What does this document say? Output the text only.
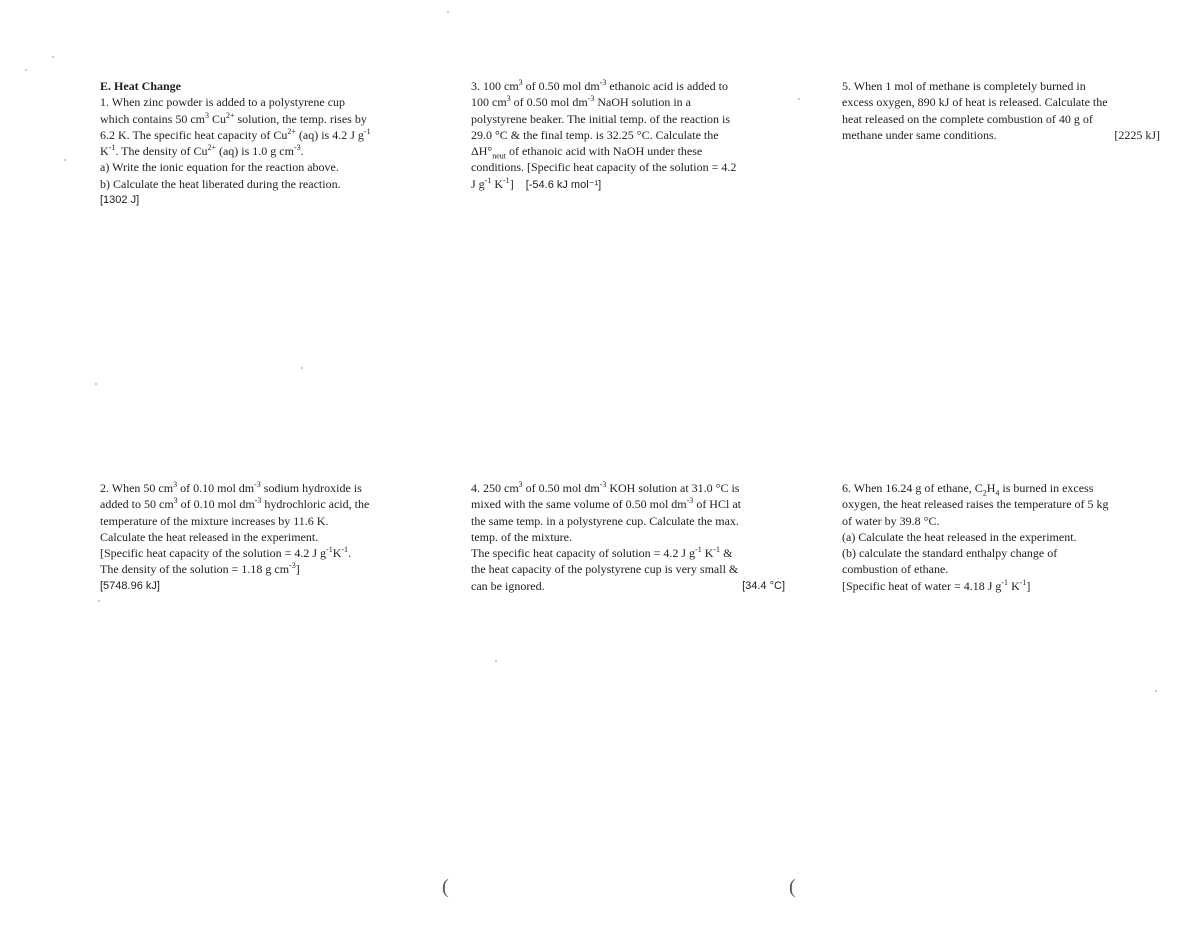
E. Heat Change
1. When zinc powder is added to a polystyrene cup
which contains 50 $cm^3$ $Cu^{2+}$ solution, the temp. rises by
6.2 K. The specific heat capacity of $Cu^{2+}$ (aq) is 4.2 J $g^{-1}$
$K^{-1}$. The density of $Cu^{2+}$ (aq) is 1.0 g $cm^{-3}$.
a) Write the ionic equation for the reaction above.
b) Calculate the heat liberated during the reaction.
[1302 J]
3. 100 $cm^3$ of 0.50 mol $dm^{-3}$ ethanoic acid is added to
100 $cm^3$ of 0.50 mol $dm^{-3}$ NaOH solution in a
polystyrene beaker. The initial temp. of the reaction is
29.0 °C & the final temp. is 32.25 °C. Calculate the
$\Delta H^\circ_{neut}$ of ethanoic acid with NaOH under these
conditions. [Specific heat capacity of the solution = 4.2
J $g^{-1}$ $K^{-1}$] [-54.6 kJ mol⁻¹]
5. When 1 mol of methane is completely burned in
excess oxygen, 890 kJ of heat is released. Calculate the
heat released on the complete combustion of 40 g of
methane under same conditions.	[2225 kJ]
2. When 50 $cm^3$ of 0.10 mol $dm^{-3}$ sodium hydroxide is
added to 50 $cm^3$ of 0.10 mol $dm^{-3}$ hydrochloric acid, the
temperature of the mixture increases by 11.6 K.
Calculate the heat released in the experiment.
[Specific heat capacity of the solution = 4.2 J $g^{-1}K^{-1}$.
The density of the solution = 1.18 g $cm^{-3}$]
[5748.96 kJ]
4. 250 $cm^3$ of 0.50 mol $dm^{-3}$ KOH solution at 31.0 °C is
mixed with the same volume of 0.50 mol $dm^{-3}$ of HCl at
the same temp. in a polystyrene cup. Calculate the max.
temp. of the mixture.
The specific heat capacity of solution = 4.2 J $g^{-1}$ $K^{-1}$ &
the heat capacity of the polystyrene cup is very small &
can be ignored.	[34.4 °C]
6. When 16.24 g of ethane, $C_2H_4$ is burned in excess
oxygen, the heat released raises the temperature of 5 kg
of water by 39.8 °C.
(a) Calculate the heat released in the experiment.
(b) calculate the standard enthalpy change of
combustion of ethane.
[Specific heat of water = 4.18 J $g^{-1}$ $K^{-1}$]
(	(
